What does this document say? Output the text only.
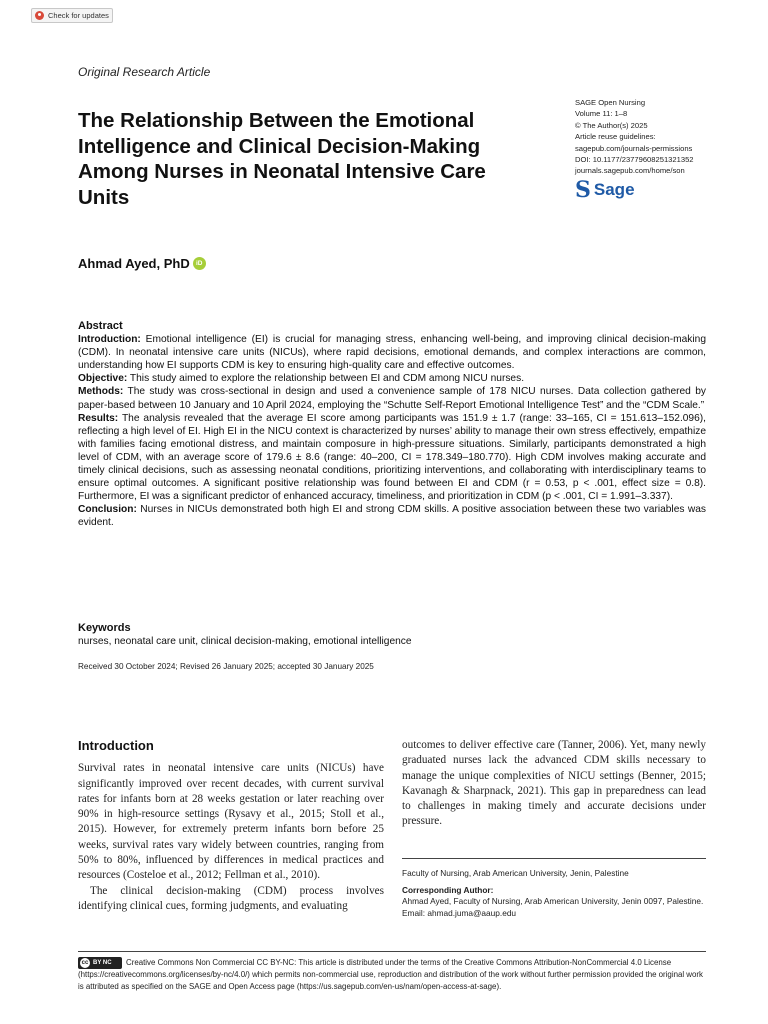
Check for updates
Original Research Article
The Relationship Between the Emotional Intelligence and Clinical Decision-Making Among Nurses in Neonatal Intensive Care Units
SAGE Open Nursing
Volume 11: 1–8
© The Author(s) 2025
Article reuse guidelines:
sagepub.com/journals-permissions
DOI: 10.1177/23779608251321352
journals.sagepub.com/home/son
S Sage
Ahmad Ayed, PhD iD
Abstract

Introduction: Emotional intelligence (EI) is crucial for managing stress, enhancing well-being, and improving clinical decision-making (CDM). In neonatal intensive care units (NICUs), where rapid decisions, emotional demands, and complex interactions are common, understanding how EI supports CDM is key to ensuring high-quality care and effective outcomes.

Objective: This study aimed to explore the relationship between EI and CDM among NICU nurses.

Methods: The study was cross-sectional in design and used a convenience sample of 178 NICU nurses. Data collection gathered by paper-based between 10 January and 10 April 2024, employing the “Schutte Self-Report Emotional Intelligence Test” and the “CDM Scale.”

Results: The analysis revealed that the average EI score among participants was 151.9 ± 1.7 (range: 33–165, CI = 151.613–152.096), reflecting a high level of EI. High EI in the NICU context is characterized by nurses’ ability to manage their own stress effectively, empathize with families facing emotional distress, and maintain composure in high-pressure situations. Similarly, participants demonstrated a high level of CDM, with an average score of 179.6 ± 8.6 (range: 40–200, CI = 178.349–180.770). High CDM involves making accurate and timely clinical decisions, such as assessing neonatal conditions, prioritizing interventions, and collaborating with interdisciplinary teams to ensure optimal outcomes. A significant positive relationship was found between EI and CDM (r = 0.53, p < .001, effect size = 0.8). Furthermore, EI was a significant predictor of enhanced accuracy, timeliness, and prioritization in CDM (p < .001, CI = 1.991–3.337).

Conclusion: Nurses in NICUs demonstrated both high EI and strong CDM skills. A positive association between these two variables was evident.

Keywords
nurses, neonatal care unit, clinical decision-making, emotional intelligence
Received 30 October 2024; Revised 26 January 2025; accepted 30 January 2025
Introduction

Survival rates in neonatal intensive care units (NICUs) have significantly improved over recent decades, with current survival rates for infants born at 28 weeks gestation or later reaching over 90% in high-resource settings (Rysavy et al., 2015; Stoll et al., 2015). However, for extremely preterm infants born before 25 weeks, survival rates vary widely between countries, ranging from 50% to 80%, influenced by differences in medical practices and resources (Costeloe et al., 2012; Fellman et al., 2010).

The clinical decision-making (CDM) process involves identifying clinical cues, forming judgments, and evaluating

outcomes to deliver effective care (Tanner, 2006). Yet, many newly graduated nurses lack the advanced CDM skills necessary to manage the unique complexities of NICU settings (Benner, 2015; Kavanagh & Sharpnack, 2021). This gap in preparedness can lead to challenges in making timely and accurate decisions under pressure.

Faculty of Nursing, Arab American University, Jenin, Palestine
Corresponding Author:
Ahmad Ayed, Faculty of Nursing, Arab American University, Jenin 0097, Palestine.
Email: ahmad.juma@aaup.edu
cc BY NCCreative Commons Non Commercial CC BY-NC: This article is distributed under the terms of the Creative Commons Attribution-NonCommercial 4.0 License (https://creativecommons.org/licenses/by-nc/4.0/) which permits non-commercial use, reproduction and distribution of the work without further permission provided the original work is attributed as specified on the SAGE and Open Access page (https://us.sagepub.com/en-us/nam/open-access-at-sage).
